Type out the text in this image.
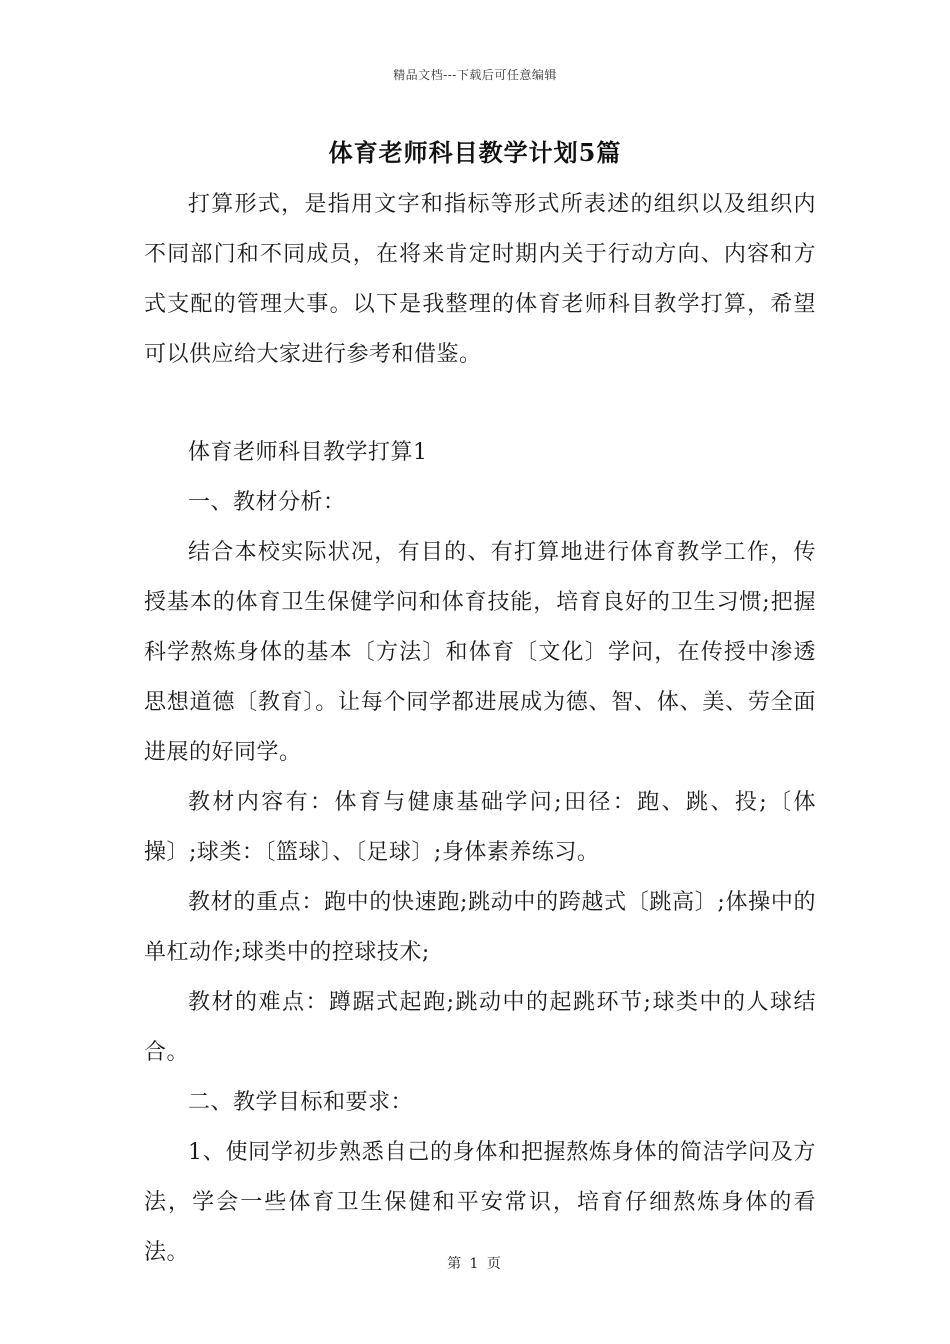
精品文档---下载后可任意编辑
体育老师科目教学计划5篇

打算形式，是指用文字和指标等形式所表述的组织以及组织内不同部门和不同成员，在将来肯定时期内关于行动方向、内容和方式支配的管理大事。以下是我整理的体育老师科目教学打算，希望可以供应给大家进行参考和借鉴。

体育老师科目教学打算1

一、教材分析：

结合本校实际状况，有目的、有打算地进行体育教学工作，传授基本的体育卫生保健学问和体育技能，培育良好的卫生习惯;把握科学熬炼身体的基本〔方法〕和体育〔文化〕学问，在传授中渗透思想道德〔教育〕。让每个同学都进展成为德、智、体、美、劳全面进展的好同学。

教材内容有：体育与健康基础学问;田径：跑、跳、投;〔体操〕;球类：〔篮球〕、〔足球〕;身体素养练习。

教材的重点：跑中的快速跑;跳动中的跨越式〔跳高〕;体操中的单杠动作;球类中的控球技术;

教材的难点：蹲踞式起跑;跳动中的起跳环节;球类中的人球结合。

二、教学目标和要求：

1、使同学初步熟悉自己的身体和把握熬炼身体的简洁学问及方法，学会一些体育卫生保健和平安常识，培育仔细熬炼身体的看法。	第 1 页
